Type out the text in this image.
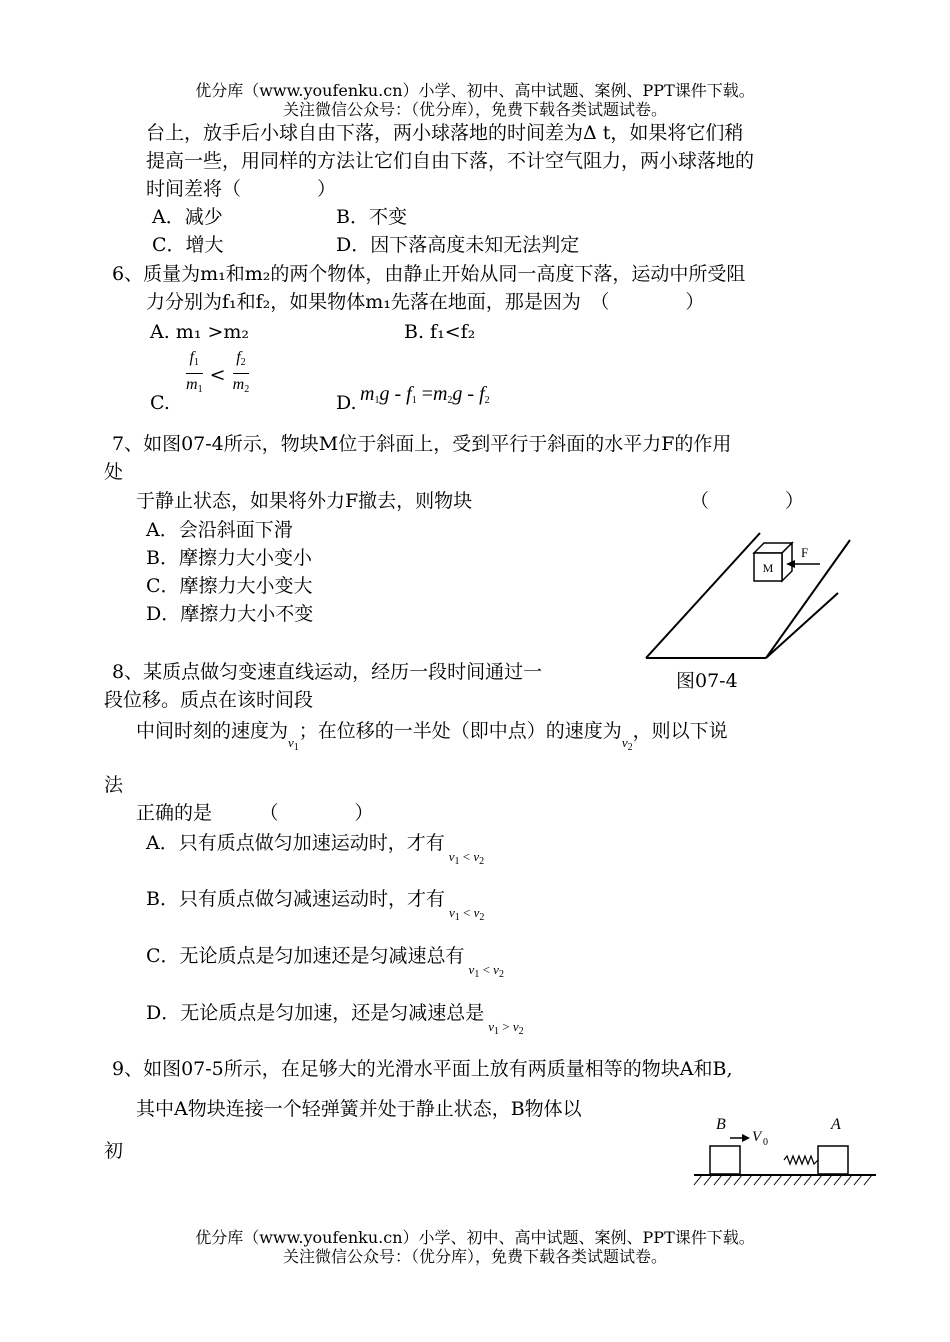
优分库（www.youfenku.cn）小学、初中、高中试题、案例、PPT课件下载。
关注微信公众号：（优分库），免费下载各类试题试卷。
台上，放手后小球自由下落，两小球落地的时间差为Δ t，如果将它们稍
提高一些，用同样的方法让它们自由下落，不计空气阻力，两小球落地的
时间差将（　　　　）
A．减少	B．不变
C．增大	D．因下落高度未知无法判定
6、质量为m₁和m₂的两个物体，由静止开始从同一高度下落，运动中所受阻
力分别为f₁和f₂，如果物体m₁先落在地面，那是因为　（　　　　）
A. m₁ >m₂	B. f₁<f₂
C.
$\frac{f_1}{m_1} < \frac{f_2}{m_2}$
D. $m_1g - f_1 =m_2g - f_2$
7、如图07-4所示，物块M位于斜面上，受到平行于斜面的水平力F的作用
处
于静止状态，如果将外力F撤去，则物块	（　　　　）
A．会沿斜面下滑
B．摩擦力大小变小
C．摩擦力大小变大
D．摩擦力大小不变
M
F
图07-4
8、某质点做匀变速直线运动，经历一段时间通过一
段位移。质点在该时间段
中间时刻的速度为$_{v_1}$；在位移的一半处（即中点）的速度为$_{v_2}$，则以下说
法
正确的是　　　（　　　　）
A．只有质点做匀加速运动时，才有$_{v_1 < v_2}$
B．只有质点做匀减速运动时，才有$_{v_1 < v_2}$
C．无论质点是匀加速还是匀减速总有$_{v_1 < v_2}$
D．无论质点是匀加速，还是匀减速总是$_{v_1 > v_2}$
9、如图07-5所示，在足够大的光滑水平面上放有两质量相等的物块A和B,
其中A物块连接一个轻弹簧并处于静止状态，B物体以
初
B
V 0
A
优分库（www.youfenku.cn）小学、初中、高中试题、案例、PPT课件下载。
关注微信公众号：（优分库），免费下载各类试题试卷。
